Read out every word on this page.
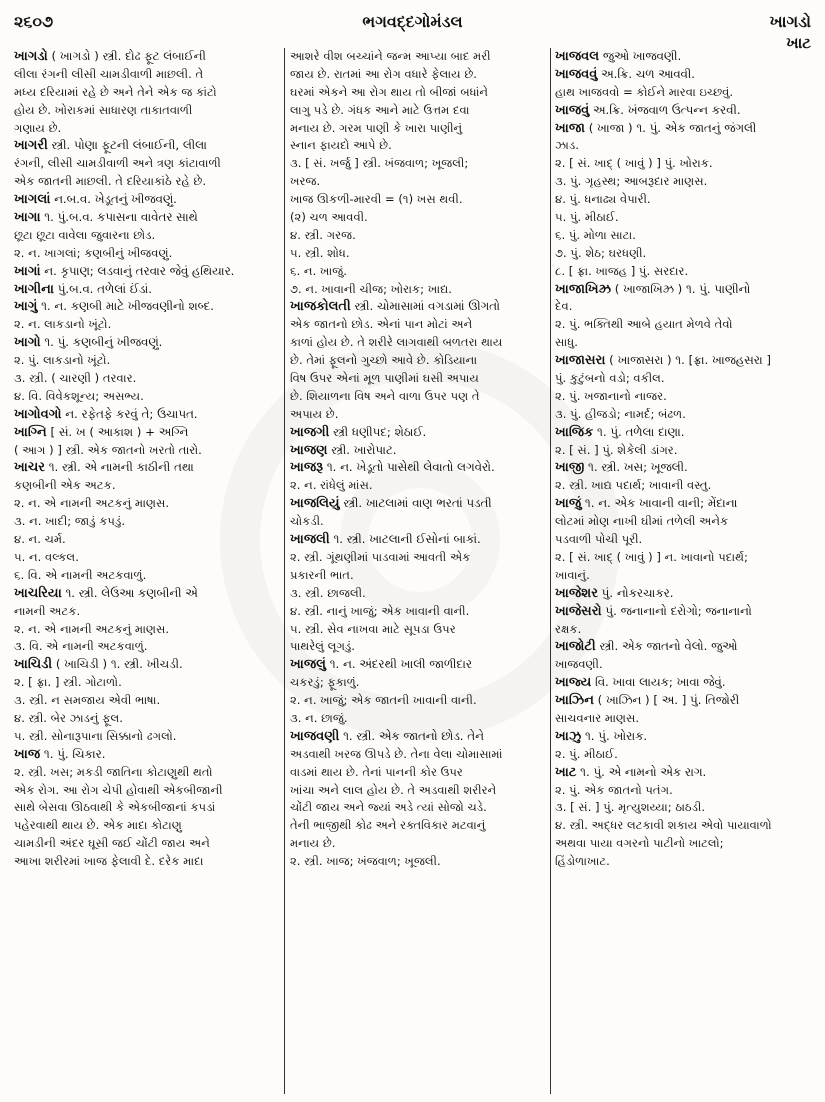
૨૬૦૭	ભગવદ્દગોમંડલ	ખાગડો
ખાટ
ખાગડો ( ખાગડો ) સ્ત્રી. દોઢ ફૂટ લંબાઈની
લીલા રંગની લીસી ચામડીવાળી માછલી. તે
મધ્ય દરિયામાં રહે છે અને તેને એક જ કાંટો
હોય છે. ખોરાકમાં સાધારણ તાકાતવાળી
ગણાય છે.
ખાગરી સ્ત્રી. પોણા ફૂટની લંબાઈની, લીલા
રંગની, લીસી ચામડીવાળી અને ત્રણ કાંટાવાળી
એક જાતની માછલી. તે દરિયાકાંઠે રહે છે.
ખાગલાં ન.બ.વ. ખેડૂતનું ખીજવણું.
ખાગા ૧. પું.બ.વ. કપાસના વાવેતર સાથે
છૂટા છૂટા વાવેલા જુવારના છોડ.
૨. ન. ખાગલાં; કણબીનું ખીજવણું.
ખાગાં ન. કૃપાણ; લડવાનું તરવાર જેવું હથિયાર.
ખાગીના પું.બ.વ. તળેલાં ઈંડાં.
ખાગું ૧. ન. કણબી માટે ખીજવણીનો શબ્દ.
૨. ન. લાકડાનો ખૂંટો.
ખાગો ૧. પું. કણબીનું ખીજવણું.
૨. પું. લાકડાનો ખૂંટો.
૩. સ્ત્રી. ( ચારણી ) તરવાર.
૪. વિ. વિવેકશૂન્ય; અસભ્ય.
ખાગોવગો ન. રફેતફે કરવું તે; ઉચાપત.
ખાગ્નિ [ સં. ખ ( આકાશ ) + અગ્નિ
( આગ ) ] સ્ત્રી. એક જાતનો ખરતો તારો.
ખાચર ૧. સ્ત્રી. એ નામની કાઠીની તથા
કણબીની એક અટક.
૨. ન. એ નામની અટકનું માણસ.
૩. ન. ખાદી; જાડું કપડું.
૪. ન. ચર્મ.
૫. ન. વલ્કલ.
૬. વિ. એ નામની અટકવાળું.
ખાચરિયા ૧. સ્ત્રી. લેઉઆ કણબીની એ
નામની અટક.
૨. ન. એ નામની અટકનું માણસ.
૩. વિ. એ નામની અટકવાળું.
ખાચિડી ( ખાચિડી ) ૧. સ્ત્રી. ખીચડી.
૨. [ ફ્રા. ] સ્ત્રી. ગોટાળો.
૩. સ્ત્રી. ન સમજાય એવી ભાષા.
૪. સ્ત્રી. બેર ઝાડનું ફૂલ.
૫. સ્ત્રી. સોનારૂપાના સિક્કાનો ઢગલો.
ખાજ ૧. પું. ચિકાર.
૨. સ્ત્રી. ખસ; મકડી જાતિના કોટાણુથી થતો
એક રોગ. આ રોગ ચેપી હોવાથી એકબીજાની
સાથે બેસવા ઊઠવાથી કે એકબીજાનાં કપડાં
પહેરવાથી થાય છે. એક માદા કોટાણુ
ચામડીની અંદર ઘૂસી જઈ ચોંટી જાય અને
આખા શરીરમાં ખાજ ફેલાવી દે. દરેક માદા
આશરે વીશ બચ્ચાંને જન્મ આપ્યા બાદ મરી
જાય છે. રાતમાં આ રોગ વધારે ફેલાય છે.
ઘરમાં એકને આ રોગ થાય તો બીજાં બધાંને
લાગુ પડે છે. ગંધક આને માટે ઉત્તમ દવા
મનાય છે. ગરમ પાણી કે ખારા પાણીનું
સ્નાન ફાયદો આપે છે.
૩. [ સં. ખર્જુ ] સ્ત્રી. ખંજવાળ; ખૂજલી;
ખરજ.
ખાજ ઊકળી-મારવી = (૧) ખસ થવી.
(૨) ચળ આવવી.
૪. સ્ત્રી. ગરજ.
૫. સ્ત્રી. શોધ.
૬. ન. ખાજું.
૭. ન. ખાવાની ચીજ; ખોરાક; ખાદ્ય.
ખાજકોલતી સ્ત્રી. ચોમાસામાં વગડામાં ઊગતો
એક જાતનો છોડ. એનાં પાન મોટાં અને
કાળાં હોય છે. તે શરીરે લાગવાથી બળતરા થાય
છે. તેમાં ફૂલનો ગુચ્છો આવે છે. કોડિયાના
વિષ ઉપર એનાં મૂળ પાણીમાં ઘસી અપાય
છે. શિયાળના વિષ અને વાળા ઉપર પણ તે
અપાય છે.
ખાજગી સ્ત્રી ધણીપદ; શેઠાઈ.
ખાજણ સ્ત્રી. ખારોપાટ.
ખાજરૂ ૧. ન. ખેડૂતો પાસેથી લેવાતો લગવેરો.
૨. ન. રાંધેલું માંસ.
ખાજલિયું સ્ત્રી. ખાટલામાં વાણ ભરતાં પડતી
ચોકડી.
ખાજલી ૧. સ્ત્રી. ખાટલાની ઈસોનાં બાકાં.
૨. સ્ત્રી. ગૂંથણીમાં પાડવામાં આવતી એક
પ્રકારની ભાત.
૩. સ્ત્રી. છાજલી.
૪. સ્ત્રી. નાનું ખાજું; એક ખાવાની વાની.
૫. સ્ત્રી. સેવ નાખવા માટે સૂપડા ઉપર
પાથરેલું લૂગડું.
ખાજલું ૧. ન. અંદરથી ખાલી જાળીદાર
ચકરડું; ફૂકાળું.
૨. ન. ખાજું; એક જાતની ખાવાની વાની.
૩. ન. છાજું.
ખાજવણી ૧. સ્ત્રી. એક જાતનો છોડ. તેને
અડવાથી ખરજ ઊપડે છે. તેના વેલા ચોમાસામાં
વાડમાં થાય છે. તેનાં પાનની કોર ઉપર
ખાંચા અને લાલ હોય છે. તે અડવાથી શરીરને
ચોંટી જાય અને જ્યાં અડે ત્યાં સોજો ચડે.
તેની ભાજીથી કોઢ અને રક્તવિકાર મટવાનું
મનાય છે.
૨. સ્ત્રી. ખાજ; ખંજવાળ; ખૂજલી.
ખાજવલ જુઓ ખાજવણી.
ખાજવવું અ.ક્રિ. ચળ આવવી.
હાથ ખાજવવો = કોઈને મારવા ઇચ્છવું.
ખાજવું અ.ક્રિ. ખંજવાળ ઉત્પન્ન કરવી.
ખાજા ( ખાજા ) ૧. પું. એક જાતનું જંગલી
ઝાડ.
૨. [ સં. ખાદ્ ( ખાવું ) ] પું. ખોરાક.
૩. પું. ગૃહસ્થ; આબરૂદાર માણસ.
૪. પું. ધનાઢ્ય વેપારી.
૫. પું. મીઠાઈ.
૬. પું. મોળા સાટા.
૭. પું. શેઠ; ઘરધણી.
૮. [ ફ્રા. ખાજહ ] પું. સરદાર.
ખાજાખિઝ્ર ( ખાજાખિઝ્ર ) ૧. પું. પાણીનો
દેવ.
૨. પું. ભક્તિથી આબે હયાત મેળવે તેવો
સાધુ.
ખાજાસરા ( ખાજાસરા ) ૧. [ફ્રા. ખાજહસરા ]
પું. કુટુંબનો વડો; વકીલ.
૨. પું. ખજાનાનો નાજર.
૩. પું. હીજડો; નામર્દ; બંઢળ.
ખાજિક ૧. પું. તળેલા દાણા.
૨. [ સં. ] પું. શેકેલી ડાંગર.
ખાજી ૧. સ્ત્રી. ખસ; ખૂજલી.
૨. સ્ત્રી. ખાદ્ય પદાર્થ; ખાવાની વસ્તુ.
ખાજું ૧. ન. એક ખાવાની વાની; મેંદાના
લોટમાં મોણ નાખી ઘીમાં તળેલી અનેક
પડવાળી પોચી પૂરી.
૨. [ સં. ખાદ્ ( ખાવું ) ] ન. ખાવાનો પદાર્થ;
ખાવાનું.
ખાજેશર પું. નોકરચાકર.
ખાજેસરો પું. જનાનાનો દરોગો; જનાનાનો
રક્ષક.
ખાજોટી સ્ત્રી. એક જાતનો વેલો. જુઓ
ખાજવણી.
ખાજ્ય વિ. ખાવા લાયક; ખાવા જેવું.
ખાઝિન ( ખાઝિન ) [ અ. ] પું. તિજોરી
સાચવનાર માણસ.
ખાઝુ ૧. પું. ખોરાક.
૨. પું. મીઠાઈ.
ખાટ ૧. પું. એ નામનો એક રાગ.
૨. પું. એક જાતનો પતંગ.
૩. [ સં. ] પું. મૃત્યુશય્યા; ઠાઠડી.
૪. સ્ત્રી. અદ્ધર લટકાવી શકાય એવો પાયાવાળો
અથવા પાયા વગરનો પાટીનો ખાટલો;
હિંડોળાખાટ.
